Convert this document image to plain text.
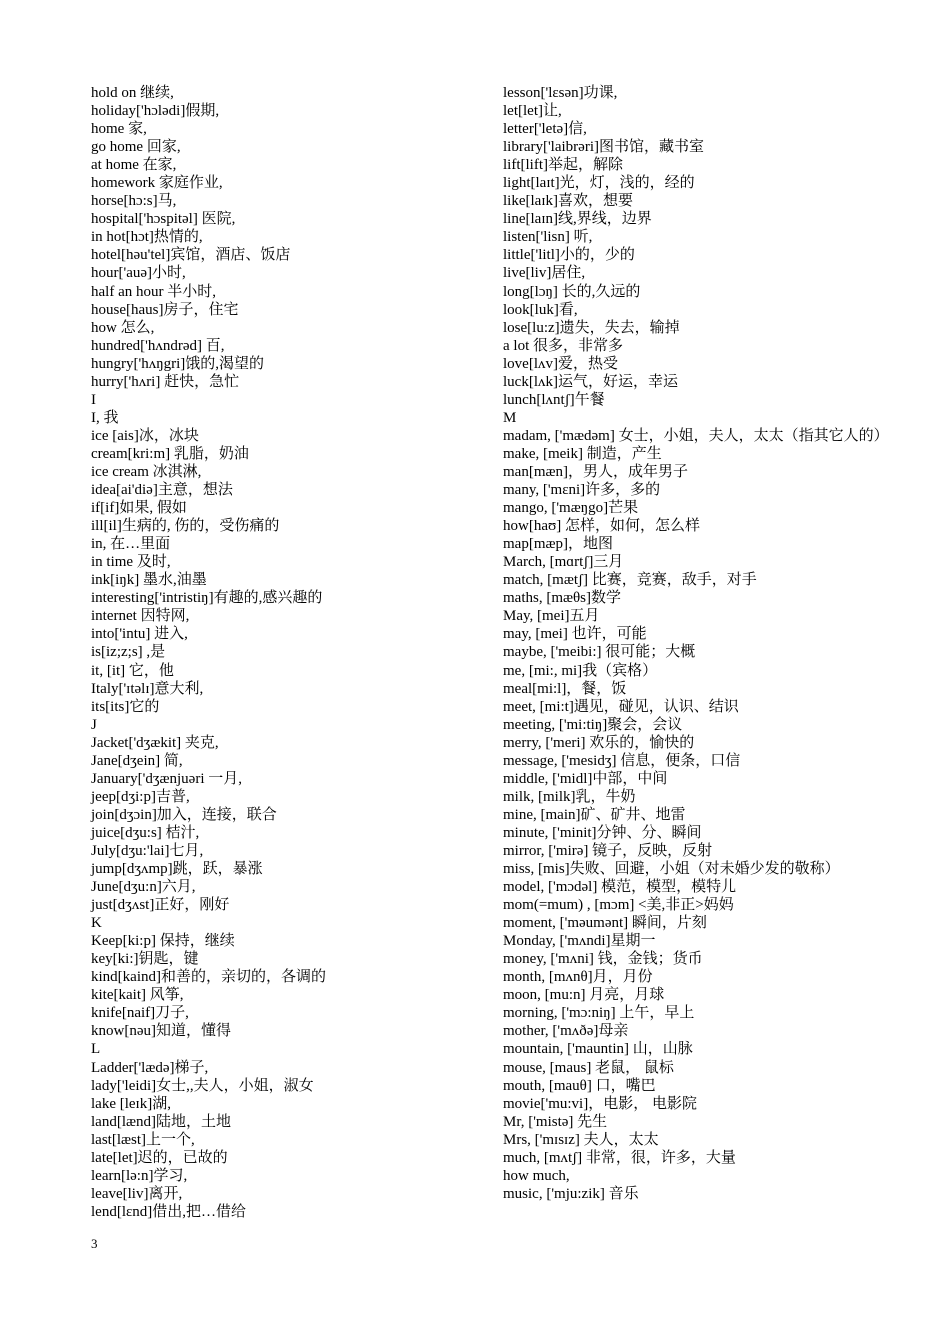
hold on 继续,
holiday['hɔlədi]假期,
home 家,
go home 回家,
at home 在家,
homework 家庭作业,
horse[hɔ:s]马,
hospital['hɔspitəl] 医院,
in hot[hɔt]热情的,
hotel[həu'tel]宾馆，酒店、饭店
hour['auə]小时,
half an hour 半小时,
house[haus]房子，住宅
how 怎么,
hundred['hʌndrəd] 百,
hungry['hʌŋgri]饿的,渴望的
hurry['hʌri] 赶快，急忙
I
I, 我
ice [ais]冰，冰块
cream[kri:m] 乳脂，奶油
ice cream 冰淇淋,
idea[ai'diə]主意，想法
if[if]如果, 假如
ill[il]生病的, 伤的，受伤痛的
in, 在…里面
in time 及时,
ink[iŋk] 墨水,油墨
interesting['intristiŋ]有趣的,感兴趣的
internet 因特网,
into['intu] 进入,
is[iz;z;s] ,是
it, [it] 它，他
Italy['ɪtəlɪ]意大利,
its[its]它的
J
Jacket['dʒækit] 夹克,
Jane[dʒein] 简,
January['dʒænjuəri 一月,
jeep[dʒi:p]吉普,
join[dʒɔin]加入，连接，联合
juice[dʒu:s] 桔汁,
July[dʒu:'lai]七月,
jump[dʒʌmp]跳，跃，暴涨
June[dʒu:n]六月,
just[dʒʌst]正好，刚好
K
Keep[ki:p] 保持，继续
key[ki:]钥匙，键
kind[kaind]和善的，亲切的，各调的
kite[kait] 风筝,
knife[naif]刀子,
know[nəu]知道，懂得
L
Ladder['lædə]梯子,
lady['leidi]女士,,夫人，小姐，淑女
lake [leɪk]湖,
land[lænd]陆地，土地
last[læst]上一个,
late[let]迟的，已故的
learn[lə:n]学习,
leave[liv]离开,
lend[lɛnd]借出,把…借给
lesson['lɛsən]功课,
let[let]让,
letter['letə]信,
library['laibrəri]图书馆，藏书室
lift[lift]举起，解除
light[laɪt]光，灯，浅的，经的
like[laɪk]喜欢，想要
line[laɪn]线,界线，边界
listen['lisn] 听,
little['litl]小的，少的
live[liv]居住,
long[lɔŋ] 长的,久远的
look[luk]看,
lose[lu:z]遗失，失去，输掉
a lot 很多，非常多
love[lʌv]爱，热受
luck[lʌk]运气，好运，幸运
lunch[lʌntʃ]午餐
M
madam, ['mædəm] 女士，小姐，夫人，太太（指其它人的）
make, [meik] 制造，产生
man[mæn]，男人，成年男子
many, ['mɛni]许多，多的
mango, ['mæŋgo]芒果
how[haʊ] 怎样，如何，怎么样
map[mæp]，地图
March, [mɑrtʃ]三月
match, [mætʃ] 比赛，竞赛，敌手，对手
maths, [mæθs]数学
May, [mei]五月
may, [mei] 也许，可能
maybe, ['meibi:] 很可能；大概
me, [mi:, mi]我（宾格）
meal[mi:l]，餐，饭
meet, [mi:t]遇见，碰见，认识、结识
meeting, ['mi:tiŋ]聚会，会议
merry, ['meri] 欢乐的，愉快的
message, ['mesidʒ] 信息，便条，口信
middle, ['midl]中部，中间
milk, [milk]乳，牛奶
mine, [main]矿、矿井、地雷
minute, ['minit]分钟、分、瞬间
mirror, ['mirə] 镜子，反映，反射
miss, [mis]失败、回避，小姐（对未婚少发的敬称）
model, ['mɔdəl] 模范，模型，模特儿
mom(=mum) , [mɔm] <美,非正>妈妈
moment, ['məumənt] 瞬间，片刻
Monday, ['mʌndi]星期一
money, ['mʌni] 钱，金钱；货币
month, [mʌnθ]月，月份
moon, [mu:n] 月亮，月球
morning, ['mɔ:niŋ] 上午，早上
mother, ['mʌðə]母亲
mountain, ['mauntin] 山，山脉
mouse, [maus] 老鼠， 鼠标
mouth, [mauθ] 口，嘴巴
movie['mu:vi]，电影， 电影院
Mr, ['mistə] 先生
Mrs, ['mɪsɪz] 夫人，太太
much, [mʌtʃ] 非常，很，许多，大量
how much,
music, ['mju:zik] 音乐
3
